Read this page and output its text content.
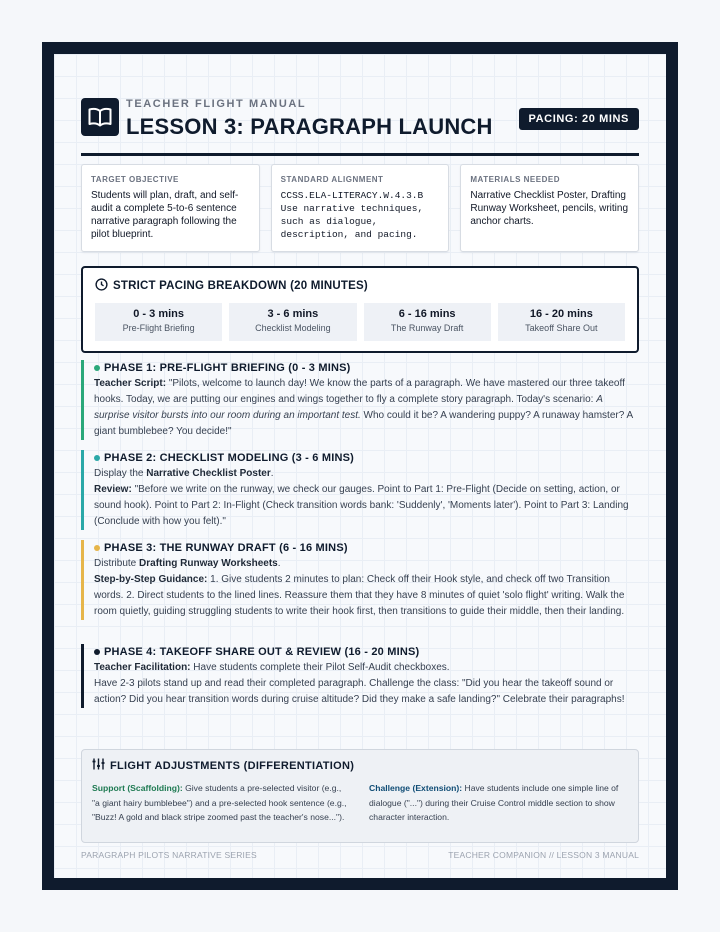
TEACHER FLIGHT MANUAL
LESSON 3: PARAGRAPH LAUNCH	PACING: 20 MINS
TARGET OBJECTIVE
Students will plan, draft, and self-audit a complete 5-to-6 sentence narrative paragraph following the pilot blueprint.
STANDARD ALIGNMENT
CCSS.ELA-LITERACY.W.4.3.B Use narrative techniques, such as dialogue, description, and pacing.
MATERIALS NEEDED
Narrative Checklist Poster, Drafting Runway Worksheet, pencils, writing anchor charts.
STRICT PACING BREAKDOWN (20 MINUTES)
0 - 3 mins
Pre-Flight Briefing
3 - 6 mins
Checklist Modeling
6 - 16 mins
The Runway Draft
16 - 20 mins
Takeoff Share Out
PHASE 1: PRE-FLIGHT BRIEFING (0 - 3 MINS)

Teacher Script: "Pilots, welcome to launch day! We know the parts of a paragraph. We have mastered our three takeoff hooks. Today, we are putting our engines and wings together to fly a complete story paragraph. Today's scenario: A surprise visitor bursts into our room during an important test. Who could it be? A wandering puppy? A runaway hamster? A giant bumblebee? You decide!"

PHASE 2: CHECKLIST MODELING (3 - 6 MINS)

Display the Narrative Checklist Poster.

Review: "Before we write on the runway, we check our gauges. Point to Part 1: Pre-Flight (Decide on setting, action, or sound hook). Point to Part 2: In-Flight (Check transition words bank: 'Suddenly', 'Moments later'). Point to Part 3: Landing (Conclude with how you felt)."

PHASE 3: THE RUNWAY DRAFT (6 - 16 MINS)

Distribute Drafting Runway Worksheets.

Step-by-Step Guidance: 1. Give students 2 minutes to plan: Check off their Hook style, and check off two Transition words. 2. Direct students to the lined lines. Reassure them that they have 8 minutes of quiet 'solo flight' writing. Walk the room quietly, guiding struggling students to write their hook first, then transitions to guide their middle, then their landing.

PHASE 4: TAKEOFF SHARE OUT & REVIEW (16 - 20 MINS)

Teacher Facilitation: Have students complete their Pilot Self-Audit checkboxes.

Have 2-3 pilots stand up and read their completed paragraph. Challenge the class: "Did you hear the takeoff sound or action? Did you hear transition words during cruise altitude? Did they make a safe landing?" Celebrate their paragraphs!

FLIGHT ADJUSTMENTS (DIFFERENTIATION)
Support (Scaffolding): Give students a pre-selected visitor (e.g., "a giant hairy bumblebee") and a pre-selected hook sentence (e.g., "Buzz! A gold and black stripe zoomed past the teacher's nose...").
Challenge (Extension): Have students include one simple line of dialogue ("...") during their Cruise Control middle section to show character interaction.
PARAGRAPH PILOTS NARRATIVE SERIES	TEACHER COMPANION // LESSON 3 MANUAL
